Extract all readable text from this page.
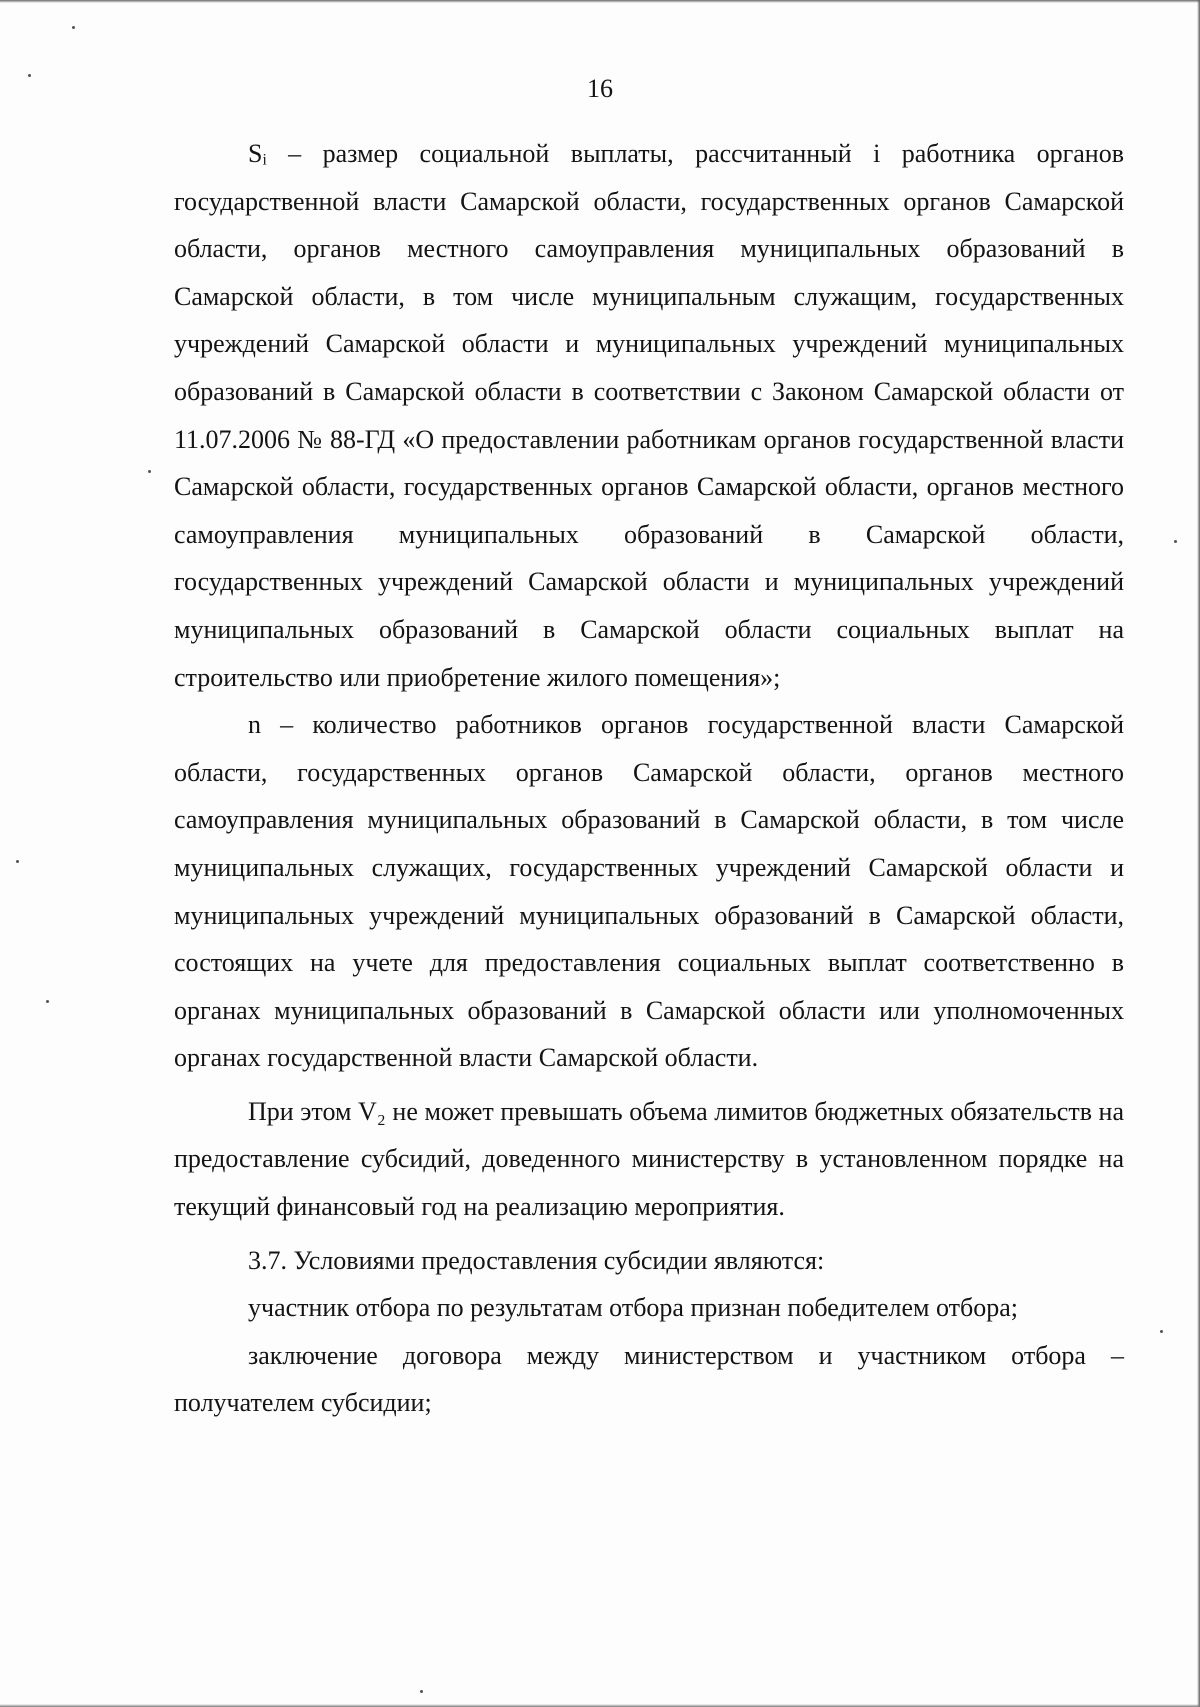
16

Sᵢ – размер социальной выплаты, рассчитанный i работника органов государственной власти Самарской области, государственных органов Самарской области, органов местного самоуправления муниципальных образований в Самарской области, в том числе муниципальным служащим, государственных учреждений Самарской области и муниципальных учреждений муниципальных образований в Самарской области в соответствии с Законом Самарской области от 11.07.2006 № 88-ГД «О предоставлении работникам органов государственной власти Самарской области, государственных органов Самарской области, органов местного самоуправления муниципальных образований в Самарской области, государственных учреждений Самарской области и муниципальных учреждений муниципальных образований в Самарской области социальных выплат на строительство или приобретение жилого помещения»;

n – количество работников органов государственной власти Самарской области, государственных органов Самарской области, органов местного самоуправления муниципальных образований в Самарской области, в том числе муниципальных служащих, государственных учреждений Самарской области и муниципальных учреждений муниципальных образований в Самарской области, состоящих на учете для предоставления социальных выплат соответственно в органах муниципальных образований в Самарской области или уполномоченных органах государственной власти Самарской области.

При этом V₂ не может превышать объема лимитов бюджетных обязательств на предоставление субсидий, доведенного министерству в установленном порядке на текущий финансовый год на реализацию мероприятия.

3.7. Условиями предоставления субсидии являются:

участник отбора по результатам отбора признан победителем отбора;

заключение договора между министерством и участником отбора – получателем субсидии;
